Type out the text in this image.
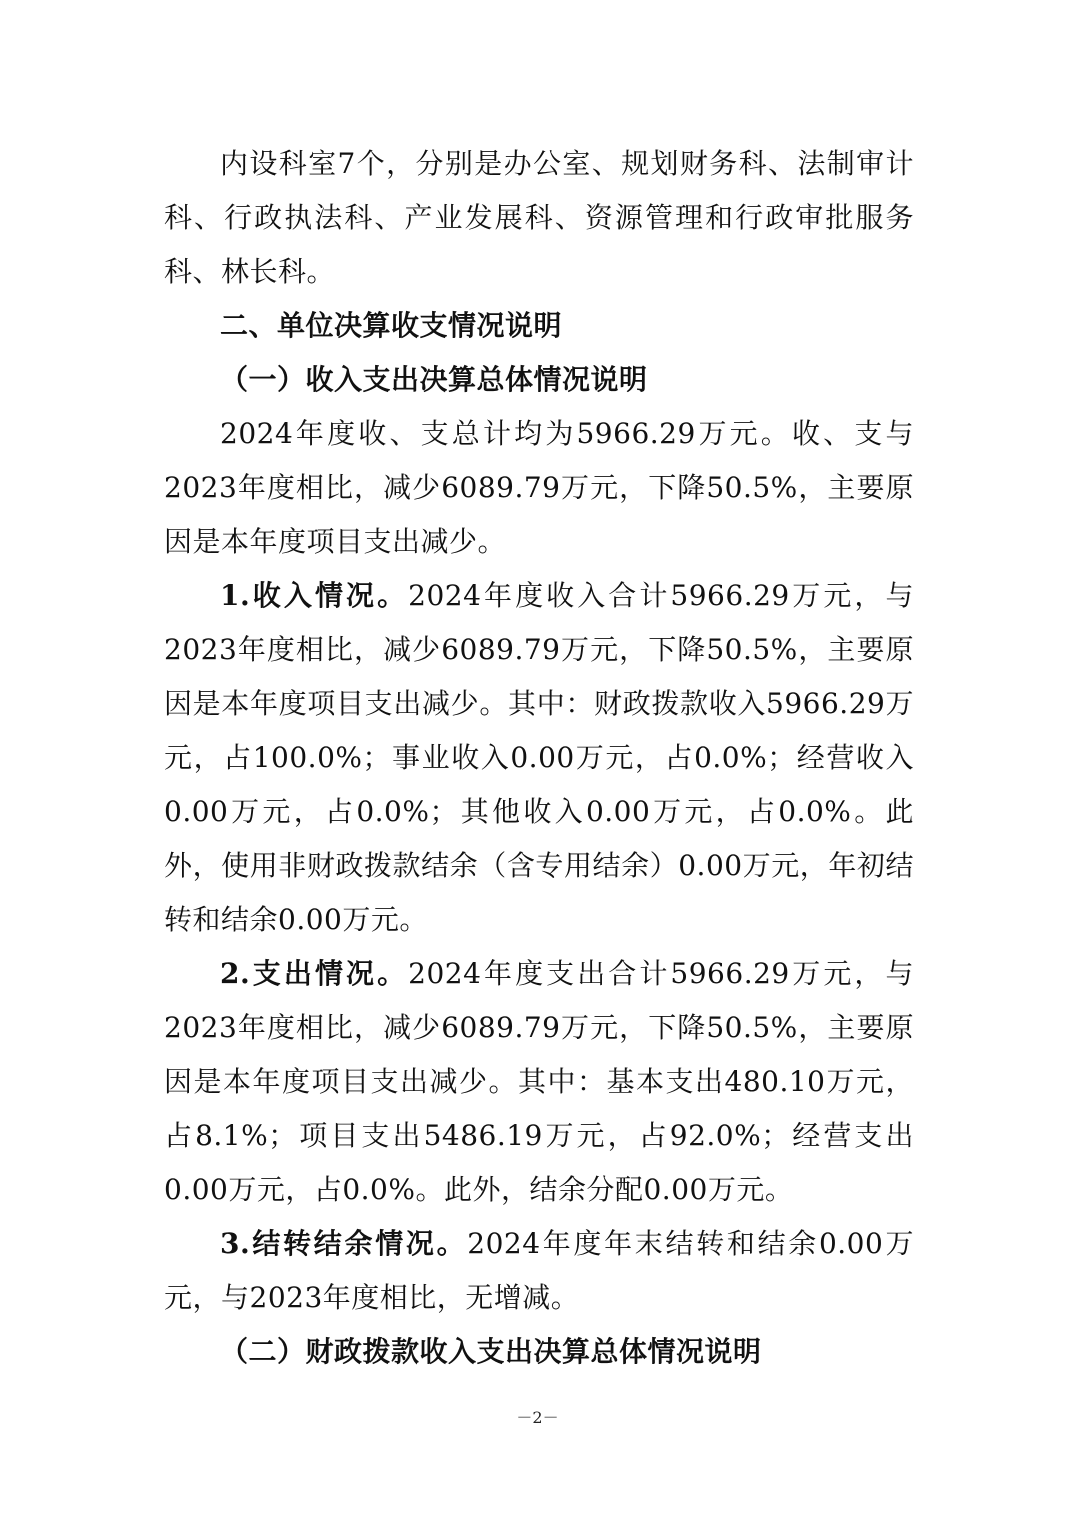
内设科室7个，分别是办公室、规划财务科、法制审计科、行政执法科、产业发展科、资源管理和行政审批服务科、林长科。

二、单位决算收支情况说明

（一）收入支出决算总体情况说明

2024年度收、支总计均为5966.29万元。收、支与2023年度相比，减少6089.79万元，下降50.5%，主要原因是本年度项目支出减少。

1.收入情况。2024年度收入合计5966.29万元，与2023年度相比，减少6089.79万元，下降50.5%，主要原因是本年度项目支出减少。其中：财政拨款收入5966.29万元，占100.0%；事业收入0.00万元，占0.0%；经营收入0.00万元，占0.0%；其他收入0.00万元，占0.0%。此外，使用非财政拨款结余（含专用结余）0.00万元，年初结转和结余0.00万元。

2.支出情况。2024年度支出合计5966.29万元，与2023年度相比，减少6089.79万元，下降50.5%，主要原因是本年度项目支出减少。其中：基本支出480.10万元，占8.1%；项目支出5486.19万元，占92.0%；经营支出0.00万元，占0.0%。此外，结余分配0.00万元。

3.结转结余情况。2024年度年末结转和结余0.00万元，与2023年度相比，无增减。

（二）财政拨款收入支出决算总体情况说明

－2－
